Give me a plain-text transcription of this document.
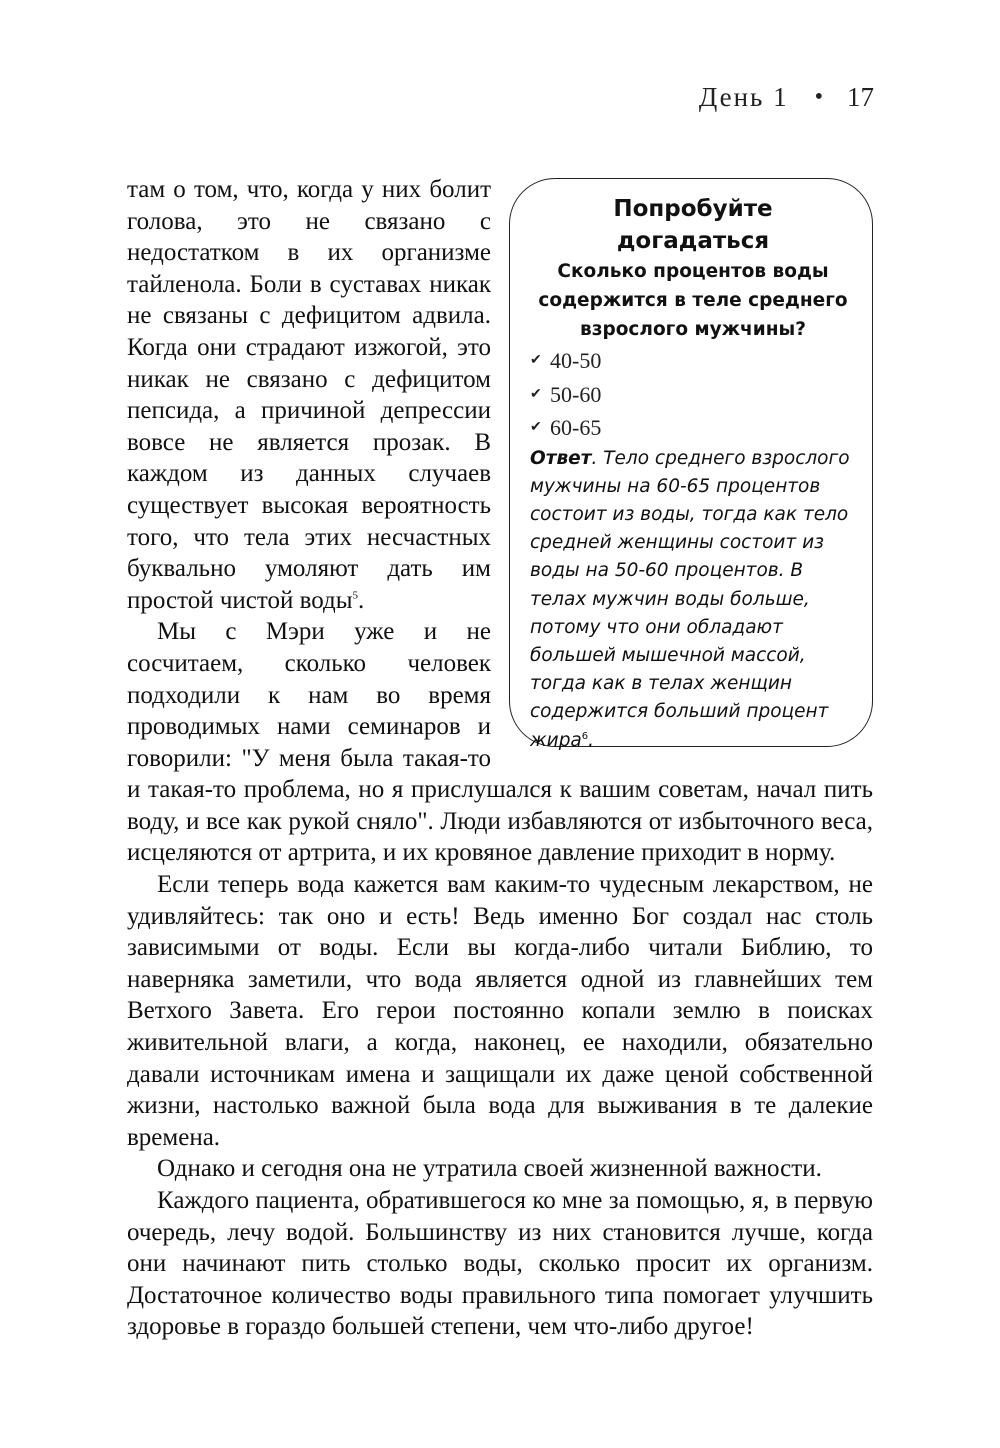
День 1 • 17

Попробуйте
догадаться

Сколько процентов воды содержится в теле среднего взрослого мужчины?

✔ 40-50
✔ 50-60
✔ 60-65

Ответ. Тело среднего взрослого мужчины на 60-65 процентов состоит из воды, тогда как тело средней женщины состоит из воды на 50-60 процентов. В телах мужчин воды больше, потому что они обладают большей мышечной массой, тогда как в телах женщин содержится больший процент жира$^6$.

там о том, что, когда у них болит голова, это не связано с недостатком в их организме тайленола. Боли в суставах никак не связаны с дефицитом адвила. Когда они страдают изжогой, это никак не связано с дефицитом пепсида, а причиной депрессии вовсе не является прозак. В каждом из данных случаев существует высокая вероятность того, что тела этих несчастных буквально умоляют дать им простой чистой воды$^5$.

Мы с Мэри уже и не сосчитаем, сколько человек подходили к нам во время проводимых нами семинаров и говорили: "У меня была такая-то и такая-то проблема, но я прислушался к вашим советам, начал пить воду, и все как рукой сняло". Люди избавляются от избыточного веса, исцеляются от артрита, и их кровяное давление приходит в норму.

Если теперь вода кажется вам каким-то чудесным лекарством, не удивляйтесь: так оно и есть! Ведь именно Бог создал нас столь зависимыми от воды. Если вы когда-либо читали Библию, то наверняка заметили, что вода является одной из главнейших тем Ветхого Завета. Его герои постоянно копали землю в поисках живительной влаги, а когда, наконец, ее находили, обязательно давали источникам имена и защищали их даже ценой собственной жизни, настолько важной была вода для выживания в те далекие времена.

Однако и сегодня она не утратила своей жизненной важности.

Каждого пациента, обратившегося ко мне за помощью, я, в первую очередь, лечу водой. Большинству из них становится лучше, когда они начинают пить столько воды, сколько просит их организм. Достаточное количество воды правильного типа помогает улучшить здоровье в гораздо большей степени, чем что-либо другое!
